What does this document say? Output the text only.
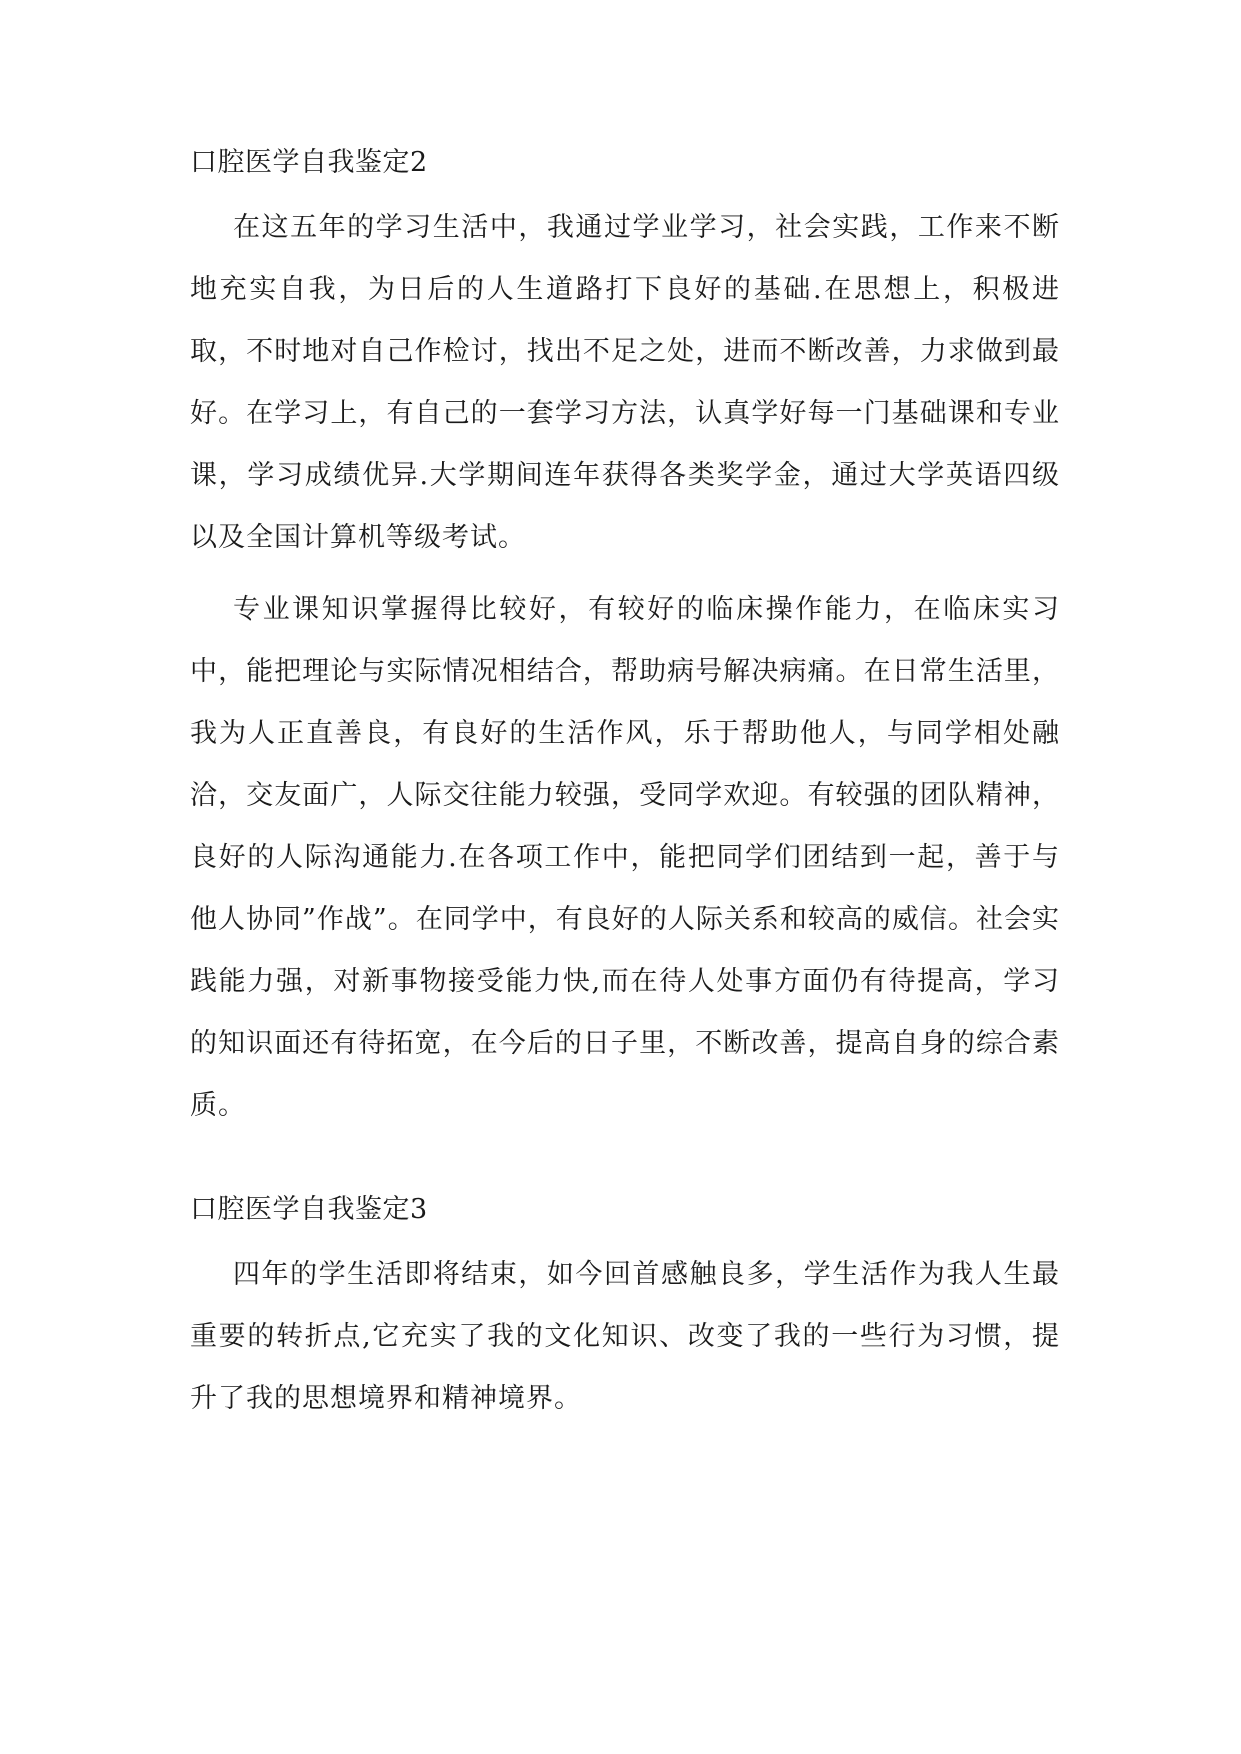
口腔医学自我鉴定2

在这五年的学习生活中，我通过学业学习，社会实践，工作来不断地充实自我，为日后的人生道路打下良好的基础.在思想上，积极进取，不时地对自己作检讨，找出不足之处，进而不断改善，力求做到最好。在学习上，有自己的一套学习方法，认真学好每一门基础课和专业课，学习成绩优异.大学期间连年获得各类奖学金，通过大学英语四级以及全国计算机等级考试。

专业课知识掌握得比较好，有较好的临床操作能力，在临床实习中，能把理论与实际情况相结合，帮助病号解决病痛。在日常生活里，我为人正直善良，有良好的生活作风，乐于帮助他人，与同学相处融洽，交友面广，人际交往能力较强，受同学欢迎。有较强的团队精神，良好的人际沟通能力.在各项工作中，能把同学们团结到一起，善于与他人协同”作战”。在同学中，有良好的人际关系和较高的威信。社会实践能力强，对新事物接受能力快,而在待人处事方面仍有待提高，学习的知识面还有待拓宽，在今后的日子里，不断改善，提高自身的综合素质。

口腔医学自我鉴定3

四年的学生活即将结束，如今回首感触良多，学生活作为我人生最重要的转折点,它充实了我的文化知识、改变了我的一些行为习惯，提升了我的思想境界和精神境界。
